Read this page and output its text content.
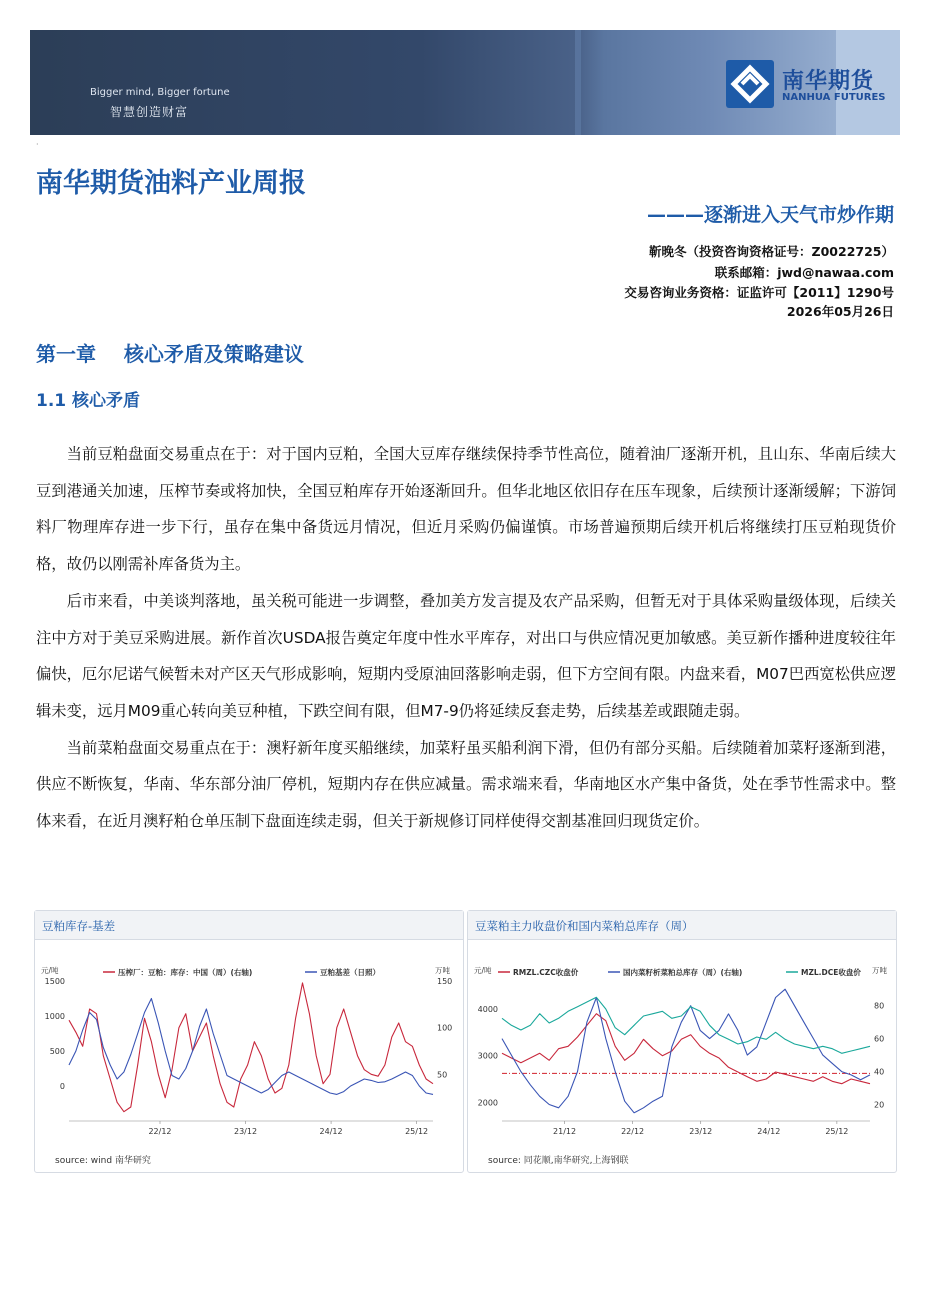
Bigger mind, Bigger fortune
智慧创造财富
南华期货
NANHUA FUTURES
·
南华期货油料产业周报
———逐渐进入天气市炒作期
靳晚冬（投资咨询资格证号：Z0022725）
联系邮箱：jwd@nawaa.com
交易咨询业务资格：证监许可【2011】1290号
2026年05月26日
第一章    核心矛盾及策略建议
1.1 核心矛盾

当前豆粕盘面交易重点在于：对于国内豆粕，全国大豆库存继续保持季节性高位，随着油厂逐渐开机，且山东、华南后续大豆到港通关加速，压榨节奏或将加快，全国豆粕库存开始逐渐回升。但华北地区依旧存在压车现象，后续预计逐渐缓解；下游饲料厂物理库存进一步下行，虽存在集中备货远月情况，但近月采购仍偏谨慎。市场普遍预期后续开机后将继续打压豆粕现货价格，故仍以刚需补库备货为主。

后市来看，中美谈判落地，虽关税可能进一步调整，叠加美方发言提及农产品采购，但暂无对于具体采购量级体现，后续关注中方对于美豆采购进展。新作首次USDA报告奠定年度中性水平库存，对出口与供应情况更加敏感。美豆新作播种进度较往年偏快，厄尔尼诺气候暂未对产区天气形成影响，短期内受原油回落影响走弱，但下方空间有限。内盘来看，M07巴西宽松供应逻辑未变，远月M09重心转向美豆种植，下跌空间有限，但M7-9仍将延续反套走势，后续基差或跟随走弱。

当前菜粕盘面交易重点在于：澳籽新年度买船继续，加菜籽虽买船利润下滑，但仍有部分买船。后续随着加菜籽逐渐到港，供应不断恢复，华南、华东部分油厂停机，短期内存在供应减量。需求端来看，华南地区水产集中备货，处在季节性需求中。整体来看，在近月澳籽粕仓单压制下盘面连续走弱，但关于新规修订同样使得交割基准回归现货定价。

豆粕库存-基差
元/吨	万吨
压榨厂：豆粕：库存：中国（周）(右轴)	豆粕基差（日照）
1500
1000
500
0
150
100
50
22/12	23/12	24/12	25/12
source: wind 南华研究
豆菜粕主力收盘价和国内菜粕总库存（周）
元/吨	万吨
RMZL.CZC收盘价	国内菜籽析菜粕总库存（周）(右轴)	MZL.DCE收盘价
4000
3000
2000
80
60
40
20
21/12	22/12	23/12	24/12	25/12
source: 同花顺,南华研究,上海钢联
